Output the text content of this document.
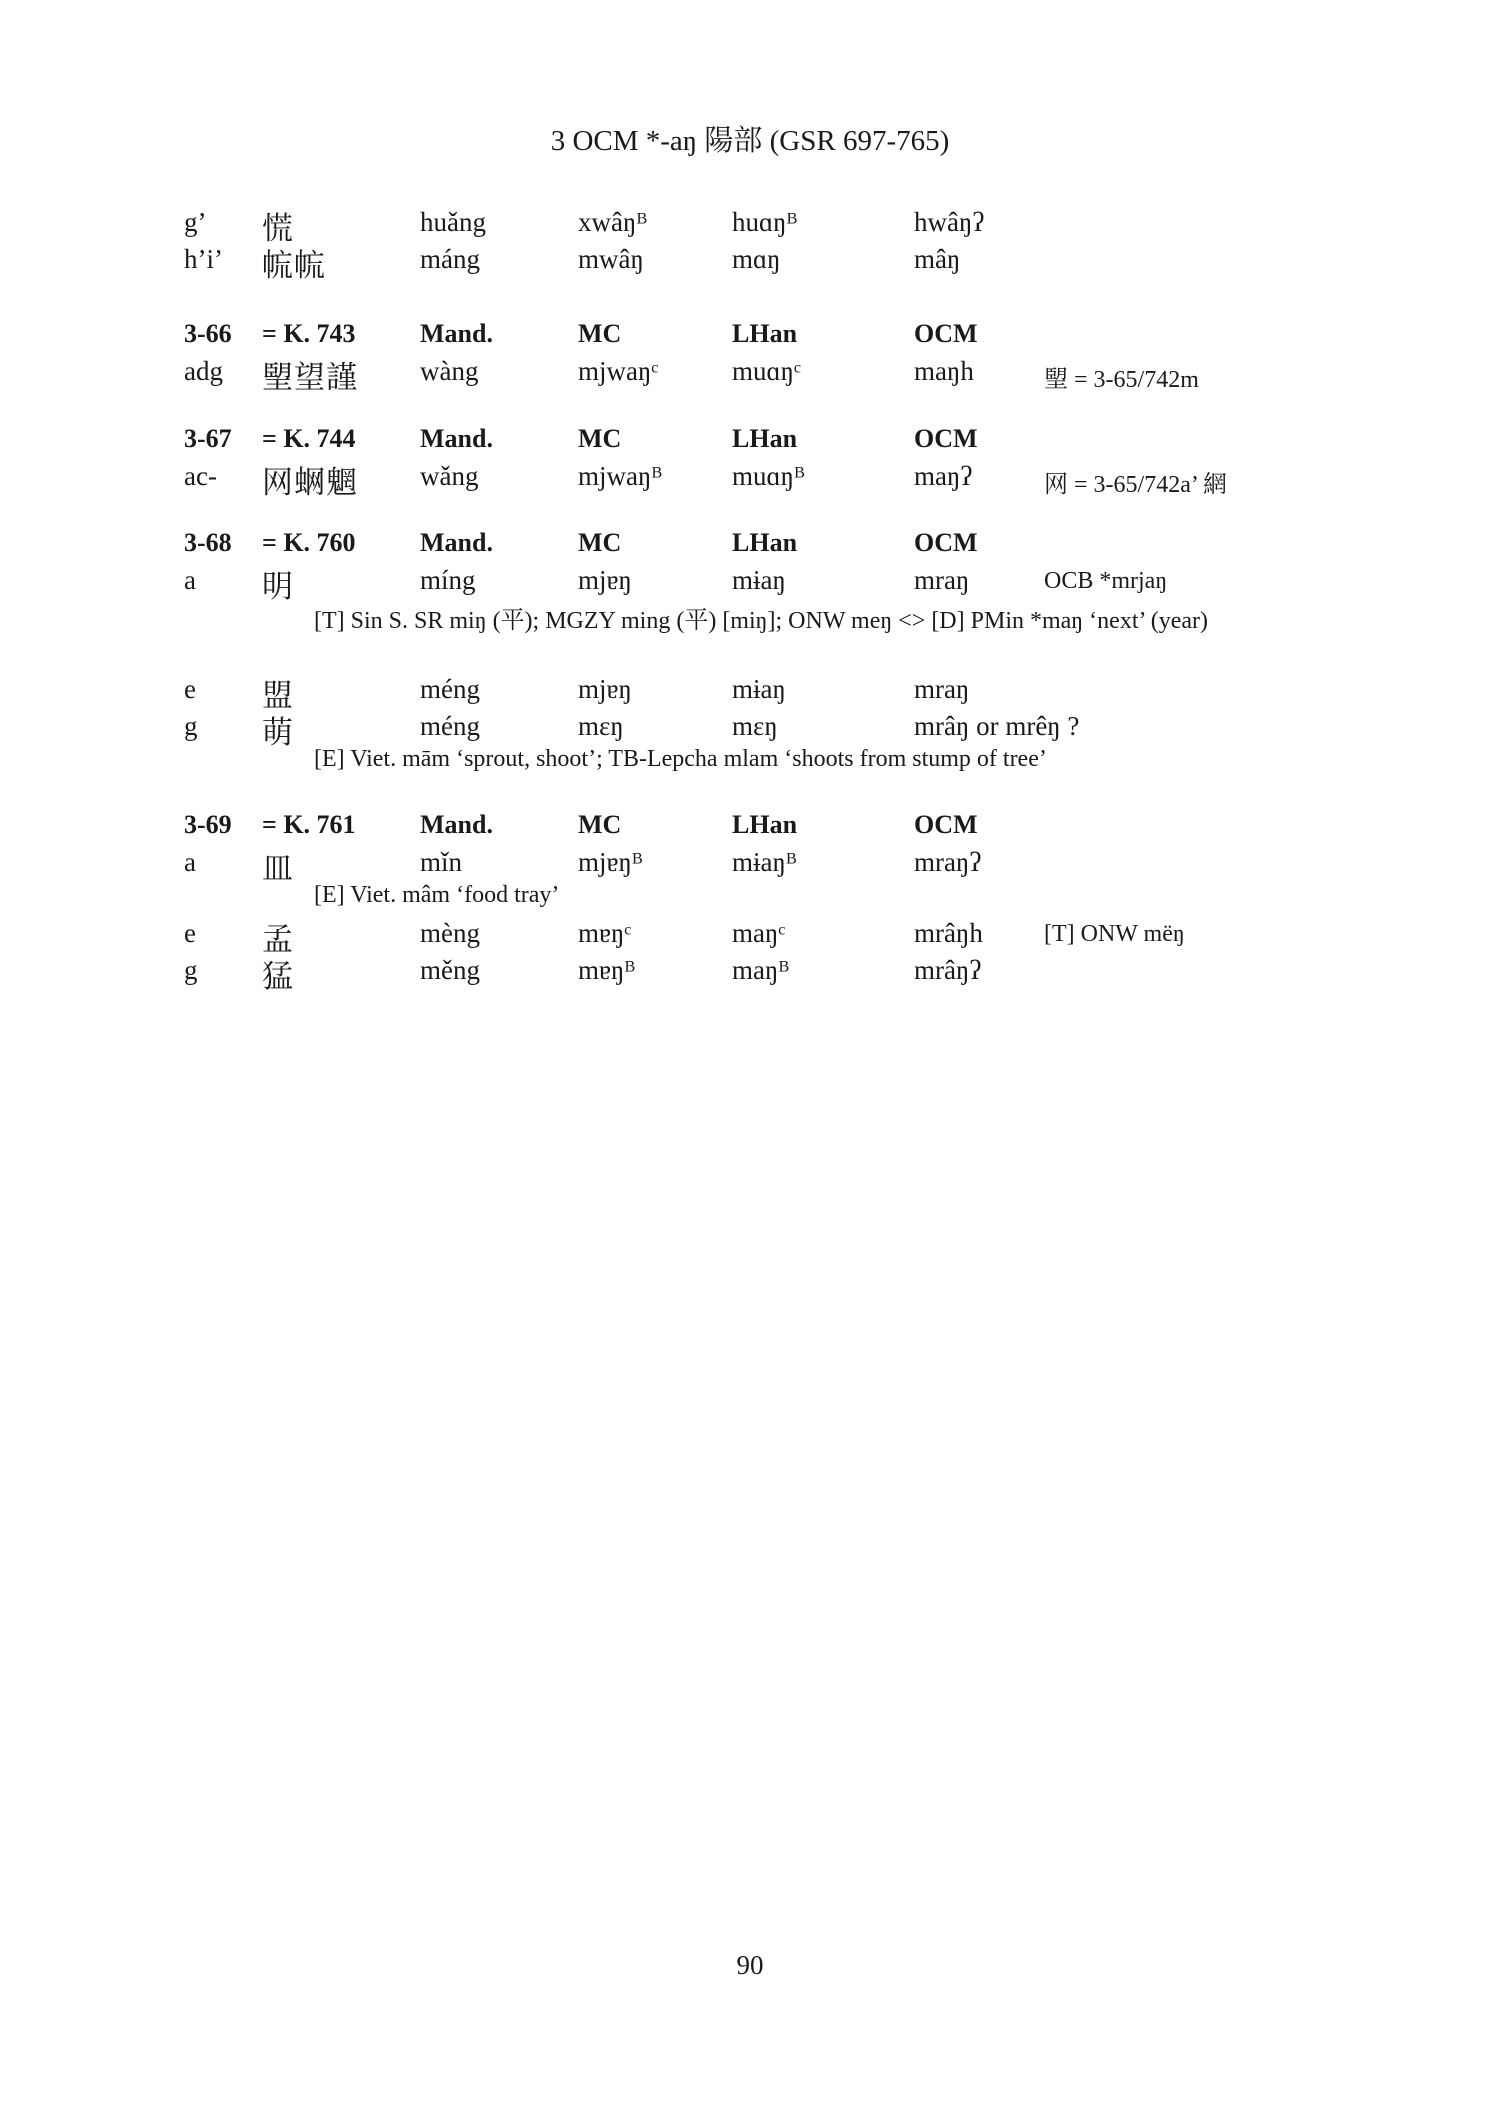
3 OCM *-aŋ 陽部 (GSR 697-765)
g’ 慌	huǎng	xwâŋᴮ	huɑŋᴮ	hwâŋʔ
h’i’ 㡆㡆	máng	mwâŋ	mɑŋ	mâŋ
3-66 = K. 743 Mand.	MC	LHan	OCM
adg 朢望謹 wàng	mjwaŋᶜ	muɑŋᶜ	maŋh	朢 = 3-65/742m
3-67 = K. 744 Mand.	MC	LHan	OCM
ac- 网蛧魍 wǎng	mjwaŋᴮ	muɑŋᴮ	maŋʔ	网 = 3-65/742a’ 網
3-68 = K. 760 Mand.	MC	LHan	OCM
a 明	míng	mjɐŋ	mɨaŋ	mraŋ	OCB *mrjaŋ
[T] Sin S. SR miŋ (平); MGZY ming (平) [miŋ]; ONW meŋ <> [D] PMin *maŋ ‘next’ (year)
e 盟	méng	mjɐŋ	mɨaŋ	mraŋ
g 萌	méng	mɛŋ	mɛŋ	mrâŋ or mrêŋ ?
[E] Viet. mām ‘sprout, shoot’; TB-Lepcha mlam ‘shoots from stump of tree’
3-69 = K. 761 Mand.	MC	LHan	OCM
a 皿	mǐn	mjɐŋᴮ	mɨaŋᴮ	mraŋʔ
[E] Viet. mâm ‘food tray’
e 孟	mèng	mɐŋᶜ	maŋᶜ	mrâŋh	[T] ONW mëŋ
g 猛	měng	mɐŋᴮ	maŋᴮ	mrâŋʔ
90
